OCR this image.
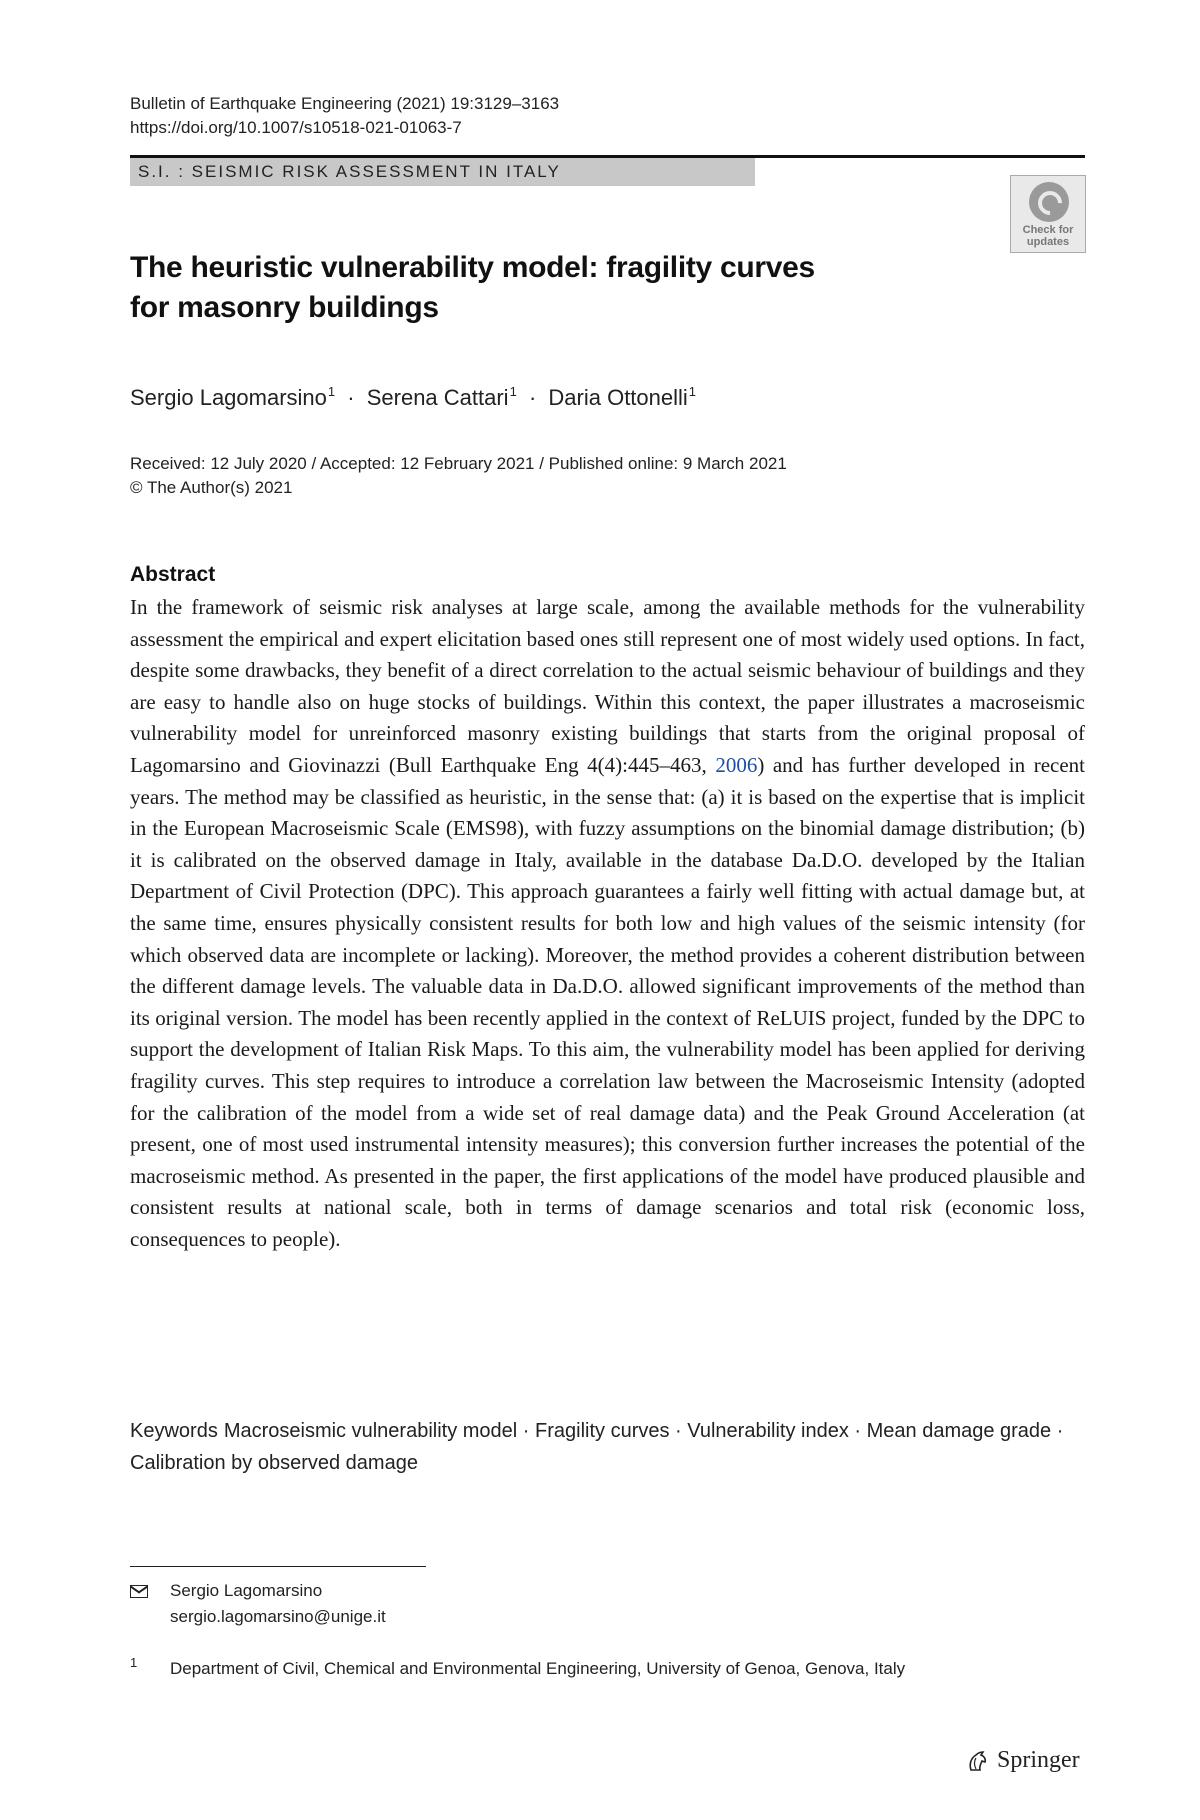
Bulletin of Earthquake Engineering (2021) 19:3129–3163
https://doi.org/10.1007/s10518-021-01063-7
S.I. : SEISMIC RISK ASSESSMENT IN ITALY
Check for updates
The heuristic vulnerability model: fragility curves
for masonry buildings
Sergio Lagomarsino$^1$ · Serena Cattari$^1$ · Daria Ottonelli$^1$
Received: 12 July 2020 / Accepted: 12 February 2021 / Published online: 9 March 2021
© The Author(s) 2021
Abstract

In the framework of seismic risk analyses at large scale, among the available methods for the vulnerability assessment the empirical and expert elicitation based ones still represent one of most widely used options. In fact, despite some drawbacks, they benefit of a direct correlation to the actual seismic behaviour of buildings and they are easy to handle also on huge stocks of buildings. Within this context, the paper illustrates a macroseismic vulnerability model for unreinforced masonry existing buildings that starts from the original proposal of Lagomarsino and Giovinazzi (Bull Earthquake Eng 4(4):445–463, 2006) and has further developed in recent years. The method may be classified as heuristic, in the sense that: (a) it is based on the expertise that is implicit in the European Macroseismic Scale (EMS98), with fuzzy assumptions on the binomial damage distribution; (b) it is calibrated on the observed damage in Italy, available in the database Da.D.O. developed by the Italian Department of Civil Protection (DPC). This approach guarantees a fairly well fitting with actual damage but, at the same time, ensures physically consistent results for both low and high values of the seismic intensity (for which observed data are incomplete or lacking). Moreover, the method provides a coherent distribution between the different damage levels. The valuable data in Da.D.O. allowed significant improvements of the method than its original version. The model has been recently applied in the context of ReLUIS project, funded by the DPC to support the development of Italian Risk Maps. To this aim, the vulnerability model has been applied for deriving fragility curves. This step requires to introduce a correlation law between the Macroseismic Intensity (adopted for the calibration of the model from a wide set of real damage data) and the Peak Ground Acceleration (at present, one of most used instrumental intensity measures); this conversion further increases the potential of the macroseismic method. As presented in the paper, the first applications of the model have produced plausible and consistent results at national scale, both in terms of damage scenarios and total risk (economic loss, consequences to people).

Keywords Macroseismic vulnerability model · Fragility curves · Vulnerability index · Mean damage grade · Calibration by observed damage
Sergio Lagomarsino
sergio.lagomarsino@unige.it
1 Department of Civil, Chemical and Environmental Engineering, University of Genoa, Genova, Italy
Springer
